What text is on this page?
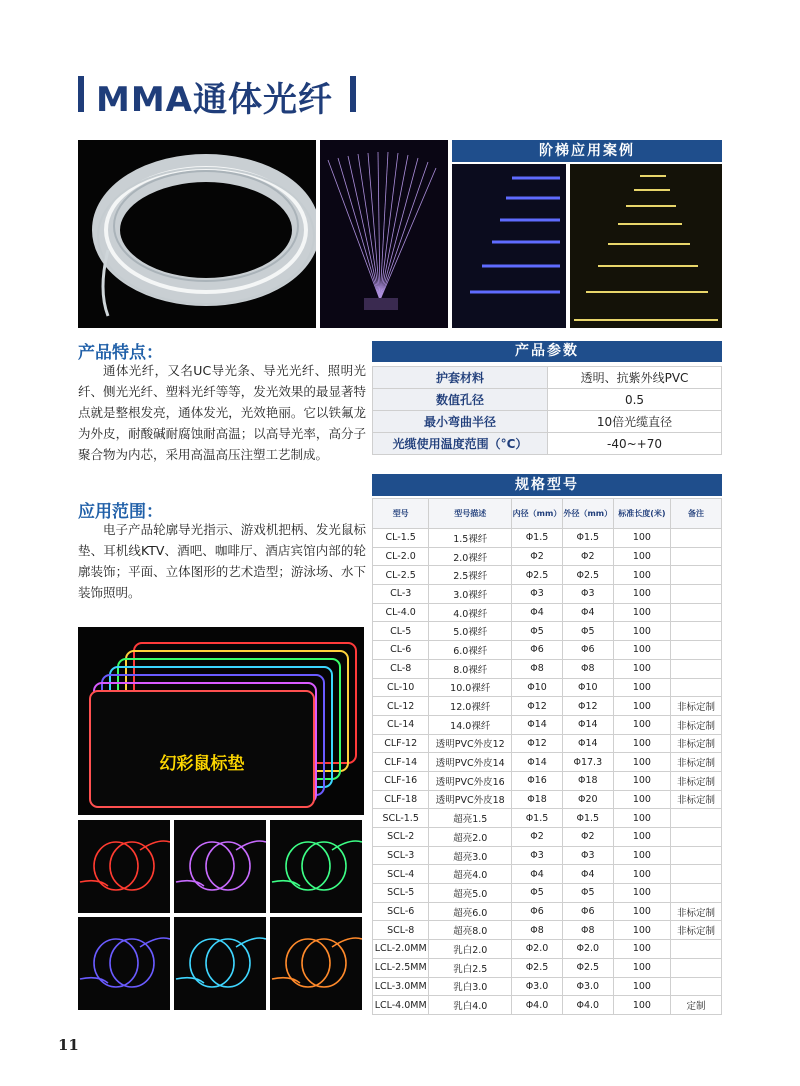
MMA通体光纤
阶梯应用案例
产品特点：
通体光纤，又名UC导光条、导光光纤、照明光纤、侧光光纤、塑料光纤等等，发光效果的最显著特点就是整根发亮，通体发光，光效艳丽。它以铁氟龙为外皮，耐酸碱耐腐蚀耐高温；以高导光率，高分子聚合物为内芯，采用高温高压注塑工艺制成。
应用范围：
电子产品轮廓导光指示、游戏机把柄、发光鼠标垫、耳机线KTV、酒吧、咖啡厅、酒店宾馆内部的轮廓装饰；平面、立体图形的艺术造型；游泳场、水下装饰照明。
产品参数
护套材料	透明、抗紫外线PVC
数值孔径	0.5
最小弯曲半径	10倍光缆直径
光缆使用温度范围（°C）	-40~+70
规格型号
型号	型号描述	内径（mm）	外径（mm）	标准长度(米)	备注
CL-1.5	1.5裸纤	Φ1.5	Φ1.5	100	
CL-2.0	2.0裸纤	Φ2	Φ2	100	
CL-2.5	2.5裸纤	Φ2.5	Φ2.5	100	
CL-3	3.0裸纤	Φ3	Φ3	100	
CL-4.0	4.0裸纤	Φ4	Φ4	100	
CL-5	5.0裸纤	Φ5	Φ5	100	
CL-6	6.0裸纤	Φ6	Φ6	100	
CL-8	8.0裸纤	Φ8	Φ8	100	
CL-10	10.0裸纤	Φ10	Φ10	100	
CL-12	12.0裸纤	Φ12	Φ12	100	非标定制
CL-14	14.0裸纤	Φ14	Φ14	100	非标定制
CLF-12	透明PVC外皮12	Φ12	Φ14	100	非标定制
CLF-14	透明PVC外皮14	Φ14	Φ17.3	100	非标定制
CLF-16	透明PVC外皮16	Φ16	Φ18	100	非标定制
CLF-18	透明PVC外皮18	Φ18	Φ20	100	非标定制
SCL-1.5	超亮1.5	Φ1.5	Φ1.5	100	
SCL-2	超亮2.0	Φ2	Φ2	100	
SCL-3	超亮3.0	Φ3	Φ3	100	
SCL-4	超亮4.0	Φ4	Φ4	100	
SCL-5	超亮5.0	Φ5	Φ5	100	
SCL-6	超亮6.0	Φ6	Φ6	100	非标定制
SCL-8	超亮8.0	Φ8	Φ8	100	非标定制
LCL-2.0MM	乳白2.0	Φ2.0	Φ2.0	100	
LCL-2.5MM	乳白2.5	Φ2.5	Φ2.5	100	
LCL-3.0MM	乳白3.0	Φ3.0	Φ3.0	100	
LCL-4.0MM	乳白4.0	Φ4.0	Φ4.0	100	定制
幻彩鼠标垫
11
